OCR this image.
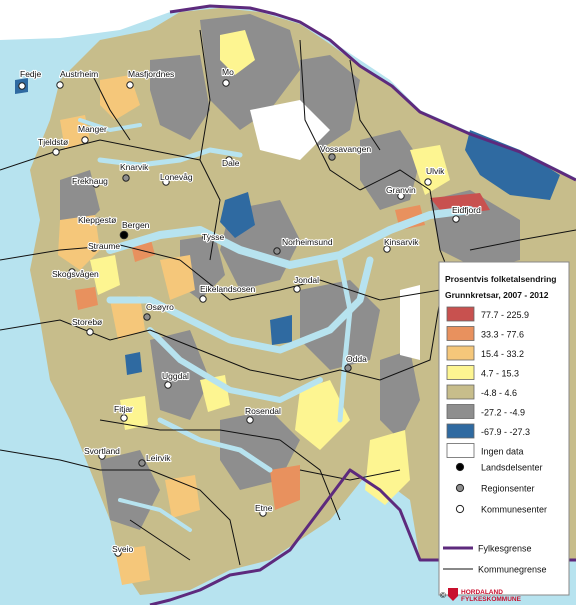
Fedje Austrheim	Masfjordnes	Mo
Manger
Tjeldstø
Knarvik
Frekhaug	Lonevåg
Dale
Vossavangen
Ulvik
Granvin
Eidfjord
Kleppestø Bergen
Straume
Tysse	Norheimsund	Kinsarvik
Skogsvågen
Jondal
Eikelandsosen
Osøyro
Storebø
Odda
Uggdal
Rosendal
Fitjar
Svortland
Leirvik
Etne
Sveio
Prosentvis folketalsendring
Grunnkretsar, 2007 - 2012
77.7 - 225.9
33.3 - 77.6
15.4 - 33.2
4.7 - 15.3
-4.8 - 4.6
-27.2 - -4.9
-67.9 - -27.3
Ingen data
Landsdelsenter
Regionsenter
Kommunesenter
Fylkesgrense
Kommunegrense
© HORDALAND
FYLKESKOMMUNE
